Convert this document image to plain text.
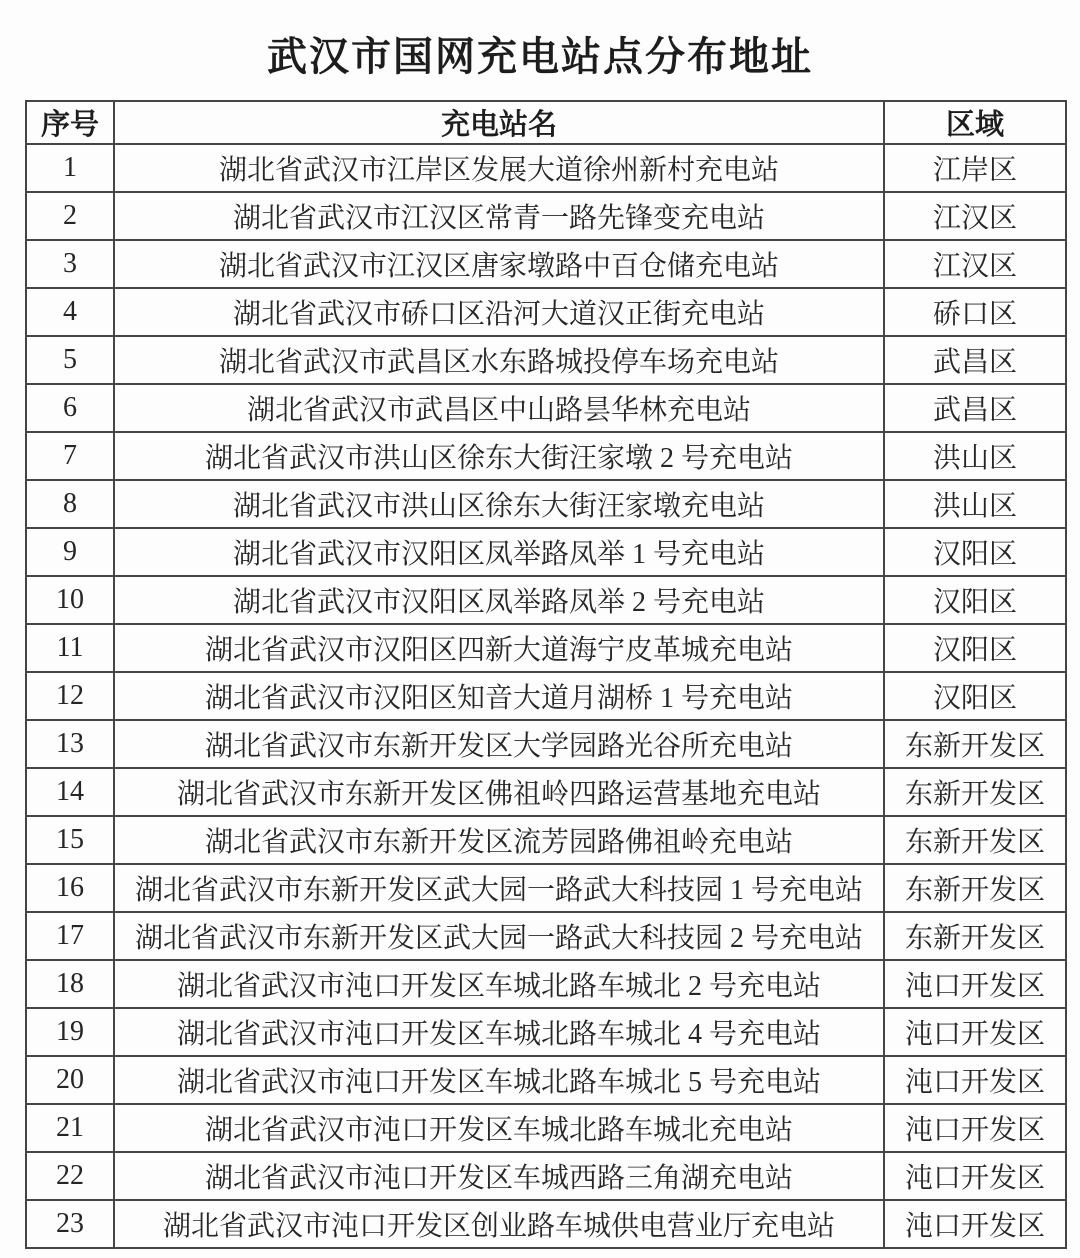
武汉市国网充电站点分布地址
序号	充电站名	区域
1	湖北省武汉市江岸区发展大道徐州新村充电站	江岸区
2	湖北省武汉市江汉区常青一路先锋变充电站	江汉区
3	湖北省武汉市江汉区唐家墩路中百仓储充电站	江汉区
4	湖北省武汉市硚口区沿河大道汉正街充电站	硚口区
5	湖北省武汉市武昌区水东路城投停车场充电站	武昌区
6	湖北省武汉市武昌区中山路昙华林充电站	武昌区
7	湖北省武汉市洪山区徐东大街汪家墩 2 号充电站	洪山区
8	湖北省武汉市洪山区徐东大街汪家墩充电站	洪山区
9	湖北省武汉市汉阳区凤举路凤举 1 号充电站	汉阳区
10	湖北省武汉市汉阳区凤举路凤举 2 号充电站	汉阳区
11	湖北省武汉市汉阳区四新大道海宁皮革城充电站	汉阳区
12	湖北省武汉市汉阳区知音大道月湖桥 1 号充电站	汉阳区
13	湖北省武汉市东新开发区大学园路光谷所充电站	东新开发区
14	湖北省武汉市东新开发区佛祖岭四路运营基地充电站	东新开发区
15	湖北省武汉市东新开发区流芳园路佛祖岭充电站	东新开发区
16	湖北省武汉市东新开发区武大园一路武大科技园 1 号充电站	东新开发区
17	湖北省武汉市东新开发区武大园一路武大科技园 2 号充电站	东新开发区
18	湖北省武汉市沌口开发区车城北路车城北 2 号充电站	沌口开发区
19	湖北省武汉市沌口开发区车城北路车城北 4 号充电站	沌口开发区
20	湖北省武汉市沌口开发区车城北路车城北 5 号充电站	沌口开发区
21	湖北省武汉市沌口开发区车城北路车城北充电站	沌口开发区
22	湖北省武汉市沌口开发区车城西路三角湖充电站	沌口开发区
23	湖北省武汉市沌口开发区创业路车城供电营业厅充电站	沌口开发区
